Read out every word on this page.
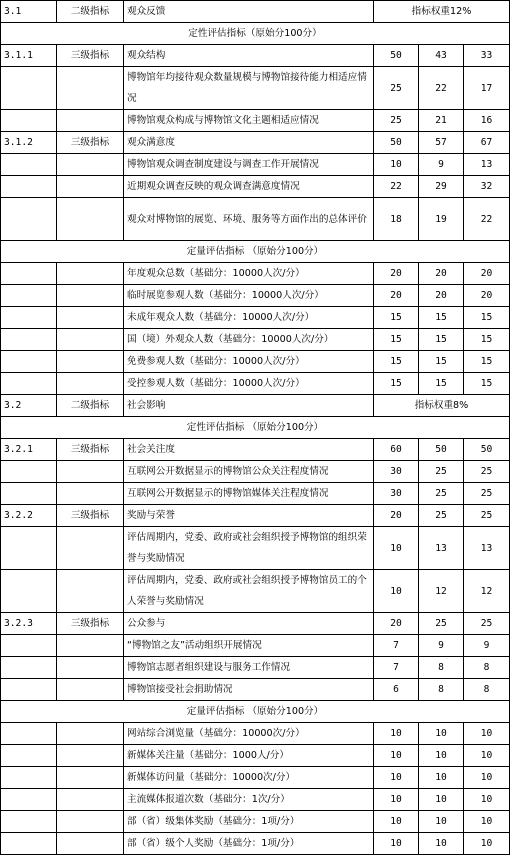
3.1	二级指标	观众反馈	指标权重12%		
定性评估指标（原始分100分）					
3.1.1	三级指标	观众结构	50	43	33
		博物馆年均接待观众数量规模与博物馆接待能力相适应情况	25	22	17
		博物馆观众构成与博物馆文化主题相适应情况	25	21	16
3.1.2	三级指标	观众满意度	50	57	67
		博物馆观众调查制度建设与调查工作开展情况	10	9	13
		近期观众调查反映的观众调查满意度情况	22	29	32
		观众对博物馆的展览、环境、服务等方面作出的总体评价	18	19	22
定量评估指标 （原始分100分）					
		年度观众总数（基础分：10000人次/分）	20	20	20
		临时展览参观人数（基础分：10000人次/分）	20	20	20
		未成年观众人数（基础分：10000人次/分）	15	15	15
		国（境）外观众人数（基础分：10000人次/分）	15	15	15
		免费参观人数（基础分：10000人次/分）	15	15	15
		受控参观人数（基础分：10000人次/分）	15	15	15
3.2	二级指标	社会影响	指标权重8%		
定性评估指标 （原始分100分）					
3.2.1	三级指标	社会关注度	60	50	50
		互联网公开数据显示的博物馆公众关注程度情况	30	25	25
		互联网公开数据显示的博物馆媒体关注程度情况	30	25	25
3.2.2	三级指标	奖励与荣誉	20	25	25
		评估周期内，党委、政府或社会组织授予博物馆的组织荣誉与奖励情况	10	13	13
		评估周期内，党委、政府或社会组织授予博物馆员工的个人荣誉与奖励情况	10	12	12
3.2.3	三级指标	公众参与	20	25	25
		“博物馆之友”活动组织开展情况	7	9	9
		博物馆志愿者组织建设与服务工作情况	7	8	8
		博物馆接受社会捐助情况	6	8	8
定量评估指标 （原始分100分）					
		网站综合浏览量（基础分：10000次/分）	10	10	10
		新媒体关注量（基础分：1000人/分）	10	10	10
		新媒体访问量（基础分：10000次/分）	10	10	10
		主流媒体报道次数（基础分：1次/分）	10	10	10
		部（省）级集体奖励（基础分：1项/分）	10	10	10
		部（省）级个人奖励（基础分：1项/分）	10	10	10
